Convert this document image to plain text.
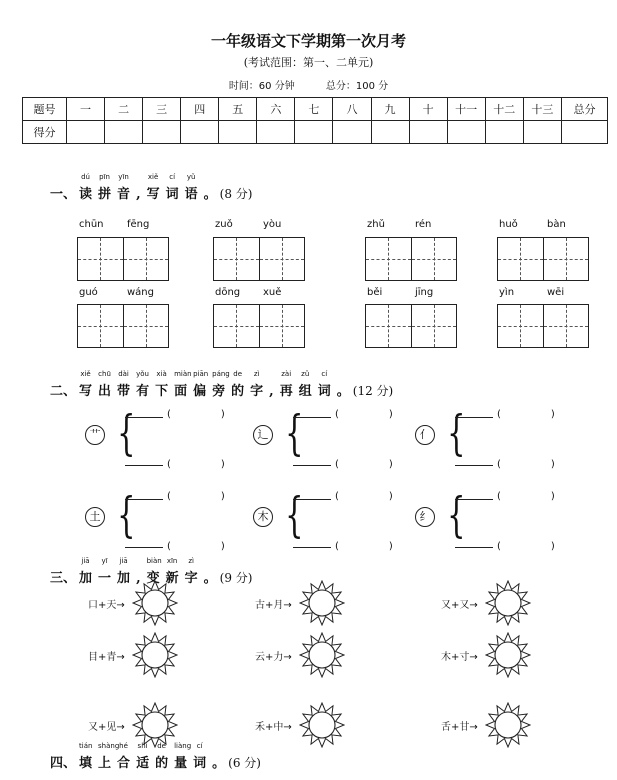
一年级语文下学期第一次月考
(考试范围：第一、二单元)
时间：60 分钟	总分：100 分
题号	一	二	三	四	五	六	七	八	九	十	十一	十二	十三	总分
得分														
一、 读
dú
拼
pīn
音
yīn
, 写
xiě
词
cí
语
yǔ
。 (8 分)
chūn fēng	zuǒ	yòu	zhǔ	rén	huǒ	bàn
guó	wáng	dōng xuě	běi	jīng	yìn	wēi
二、 写
xiě
出
chū
带
dài
有
yǒu
下
xià
面
miàn
偏
piān
旁
páng
的
de
字
zì
, 再
zài
组
zǔ
词
cí
。 (12 分)
艹 {	(　　　　　)
(　　　　　)
辶 {	(　　　　　)
(　　　　　)
亻 {	(　　　　　)
(　　　　　)
土 {	(　　　　　)
(　　　　　)
木 {	(　　　　　)
(　　　　　)
纟 {	(　　　　　)
(　　　　　)
三、 加
jiā
一
yī
加
jiā
, 变
biàn
新
xīn
字
zì
。 (9 分)
口+天→	古+月→	又+又→
目+青→	云+力→	木+寸→
又+见→	禾+中→	舌+甘→
四、 填
tián
上
shàng
合
hé
适
shì
的
de
量
liàng
词
cí
。 (6 分)
